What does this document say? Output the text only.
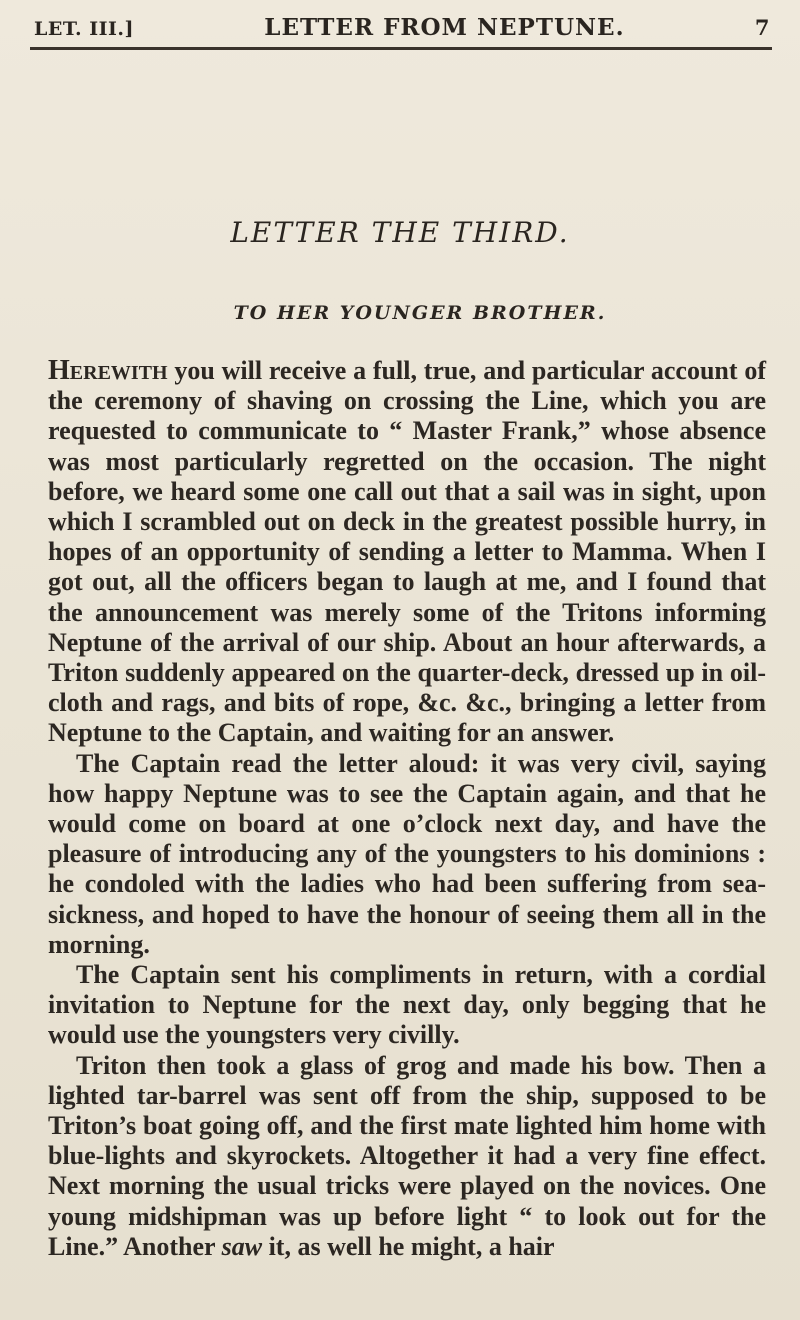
LET. III.]	LETTER FROM NEPTUNE.	7
LETTER THE THIRD.
TO HER YOUNGER BROTHER.

Herewith you will receive a full, true, and particular account of the ceremony of shaving on crossing the Line, which you are requested to communicate to “ Master Frank,” whose absence was most particularly regretted on the occasion. The night before, we heard some one call out that a sail was in sight, upon which I scrambled out on deck in the greatest possible hurry, in hopes of an opportunity of sending a letter to Mamma. When I got out, all the officers began to laugh at me, and I found that the announcement was merely some of the Tritons informing Neptune of the arrival of our ship. About an hour afterwards, a Triton suddenly appeared on the quarter-deck, dressed up in oil-cloth and rags, and bits of rope, &c. &c., bringing a letter from Neptune to the Captain, and waiting for an answer.

The Captain read the letter aloud: it was very civil, saying how happy Neptune was to see the Captain again, and that he would come on board at one o’clock next day, and have the pleasure of introducing any of the youngsters to his dominions : he condoled with the ladies who had been suffering from sea-sickness, and hoped to have the honour of seeing them all in the morning.

The Captain sent his compliments in return, with a cordial invitation to Neptune for the next day, only begging that he would use the youngsters very civilly.

Triton then took a glass of grog and made his bow. Then a lighted tar-barrel was sent off from the ship, supposed to be Triton’s boat going off, and the first mate lighted him home with blue-lights and skyrockets. Altogether it had a very fine effect. Next morning the usual tricks were played on the novices. One young midshipman was up before light “ to look out for the Line.” Another saw it, as well he might, a hair
